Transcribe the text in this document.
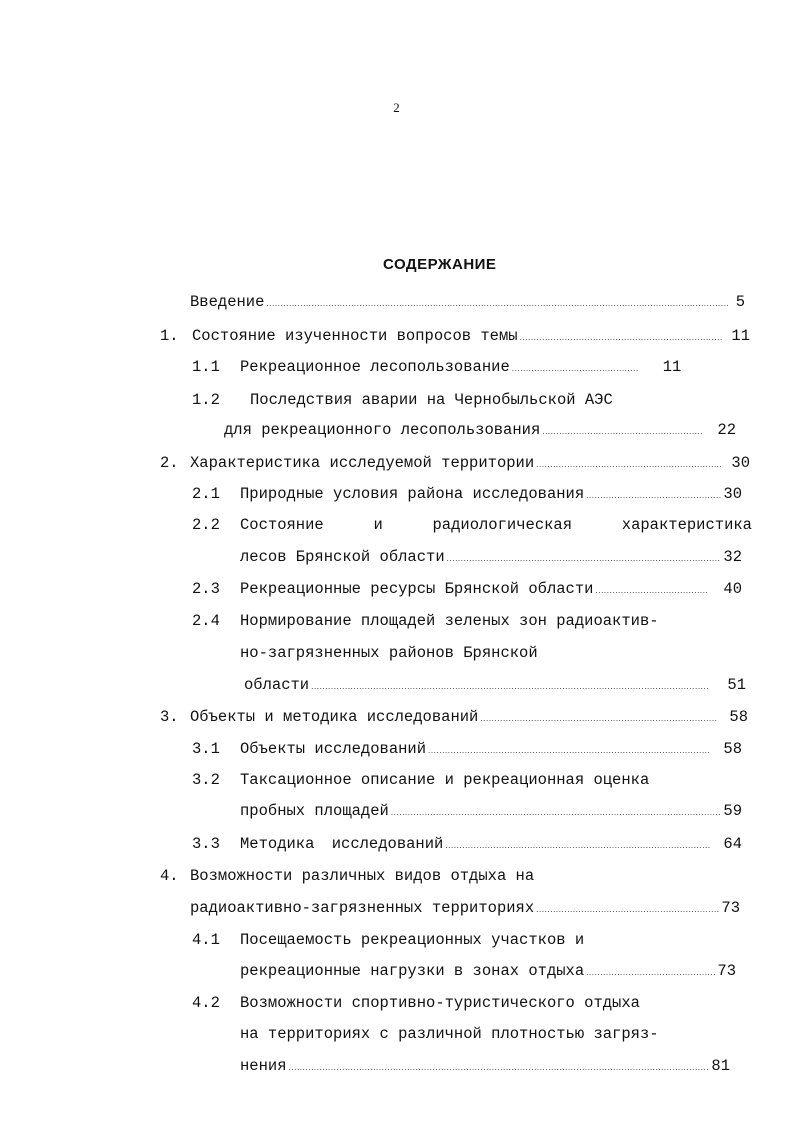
2
СОДЕРЖАНИЕ
Введение .....	5
1. Состояние изученности вопросов темы .....	11
1.1 Рекреационное лесопользование .....	11
1.2 Последствия аварии на Чернобыльской АЭС
для рекреационного лесопользования .....	22
2. Характеристика исследуемой территории .....	30
2.1 Природные условия района исследования .....	30
2.2 Состояние	и	радиологическая	характеристика
лесов Брянской области .....	32
2.3 Рекреационные ресурсы Брянской области .....	40
2.4 Нормирование площадей зеленых зон радиоактив-
но-загрязненных районов Брянской
области .....	51
3. Объекты и методика исследований .....	58
3.1 Объекты исследований .....	58
3.2 Таксационное описание и рекреационная оценка
пробных площадей .....	59
3.3 Методика исследований .....	64
4. Возможности различных видов отдыха на
радиоактивно-загрязненных территориях .....	73
4.1 Посещаемость рекреационных участков и
рекреационные нагрузки в зонах отдыха .....	73
4.2 Возможности спортивно-туристического отдыха
на территориях с различной плотностью загряз-
нения .....	81
